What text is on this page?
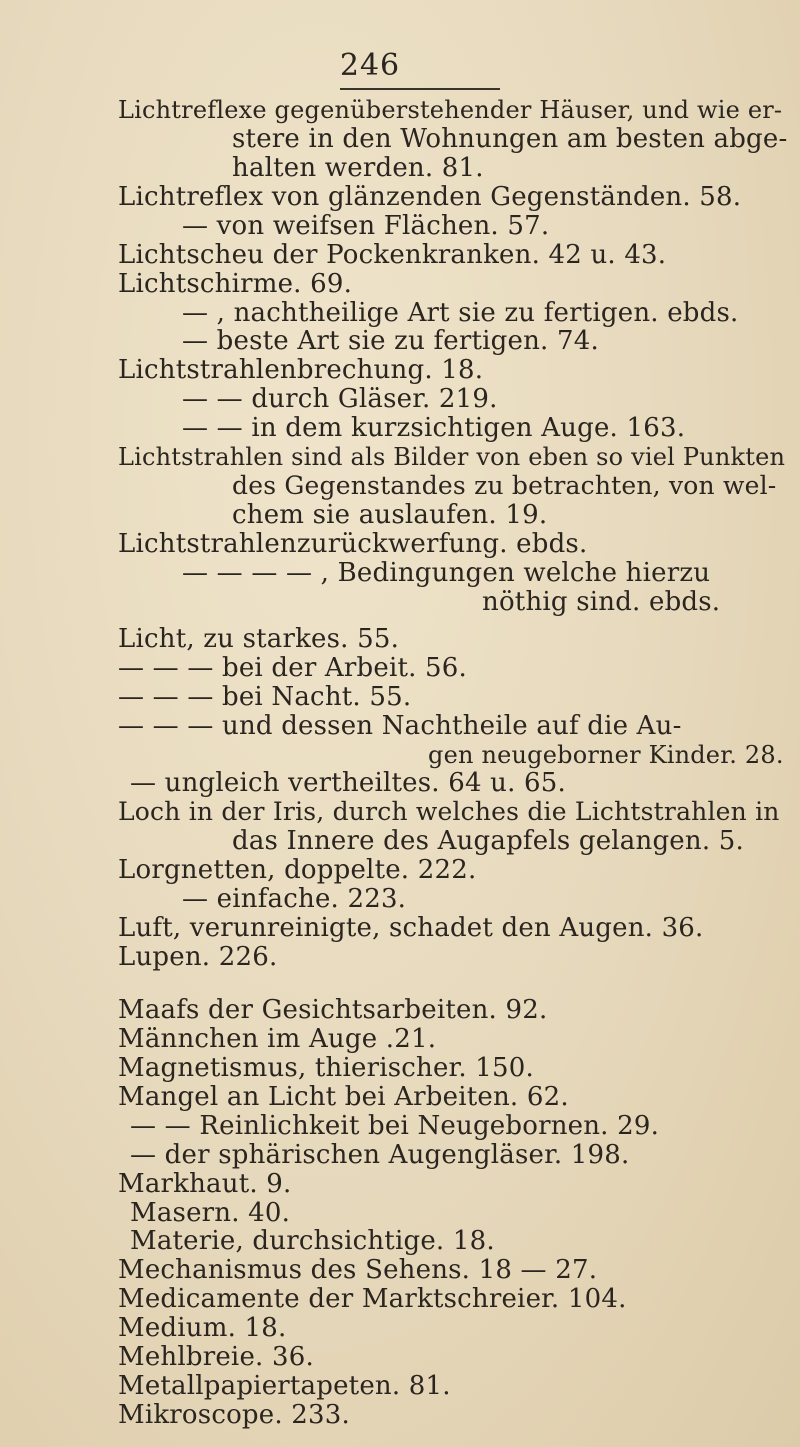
246
Lichtreflexe gegenüberstehender Häuser, und wie er-
stere in den Wohnungen am besten abge-
halten werden. 81.
Lichtreflex von glänzenden Gegenständen. 58.
— von weifsen Flächen. 57.
Lichtscheu der Pockenkranken. 42 u. 43.
Lichtschirme. 69.
— , nachtheilige Art sie zu fertigen. ebds.
— beste Art sie zu fertigen. 74.
Lichtstrahlenbrechung. 18.
— — durch Gläser. 219.
— — in dem kurzsichtigen Auge. 163.
Lichtstrahlen sind als Bilder von eben so viel Punkten
des Gegenstandes zu betrachten, von wel-
chem sie auslaufen. 19.
Lichtstrahlenzurückwerfung. ebds.
— — — — , Bedingungen welche hierzu
nöthig sind. ebds.
Licht, zu starkes. 55.
— — — bei der Arbeit. 56.
— — — bei Nacht. 55.
— — — und dessen Nachtheile auf die Au-
gen neugeborner Kinder. 28.
— ungleich vertheiltes. 64 u. 65.
Loch in der Iris, durch welches die Lichtstrahlen in
das Innere des Augapfels gelangen. 5.
Lorgnetten, doppelte. 222.
— einfache. 223.
Luft, verunreinigte, schadet den Augen. 36.
Lupen. 226.
Maafs der Gesichtsarbeiten. 92.
Männchen im Auge .21.
Magnetismus, thierischer. 150.
Mangel an Licht bei Arbeiten. 62.
— — Reinlichkeit bei Neugebornen. 29.
— der sphärischen Augengläser. 198.
Markhaut. 9.
Masern. 40.
Materie, durchsichtige. 18.
Mechanismus des Sehens. 18 — 27.
Medicamente der Marktschreier. 104.
Medium. 18.
Mehlbreie. 36.
Metallpapiertapeten. 81.
Mikroscope. 233.
